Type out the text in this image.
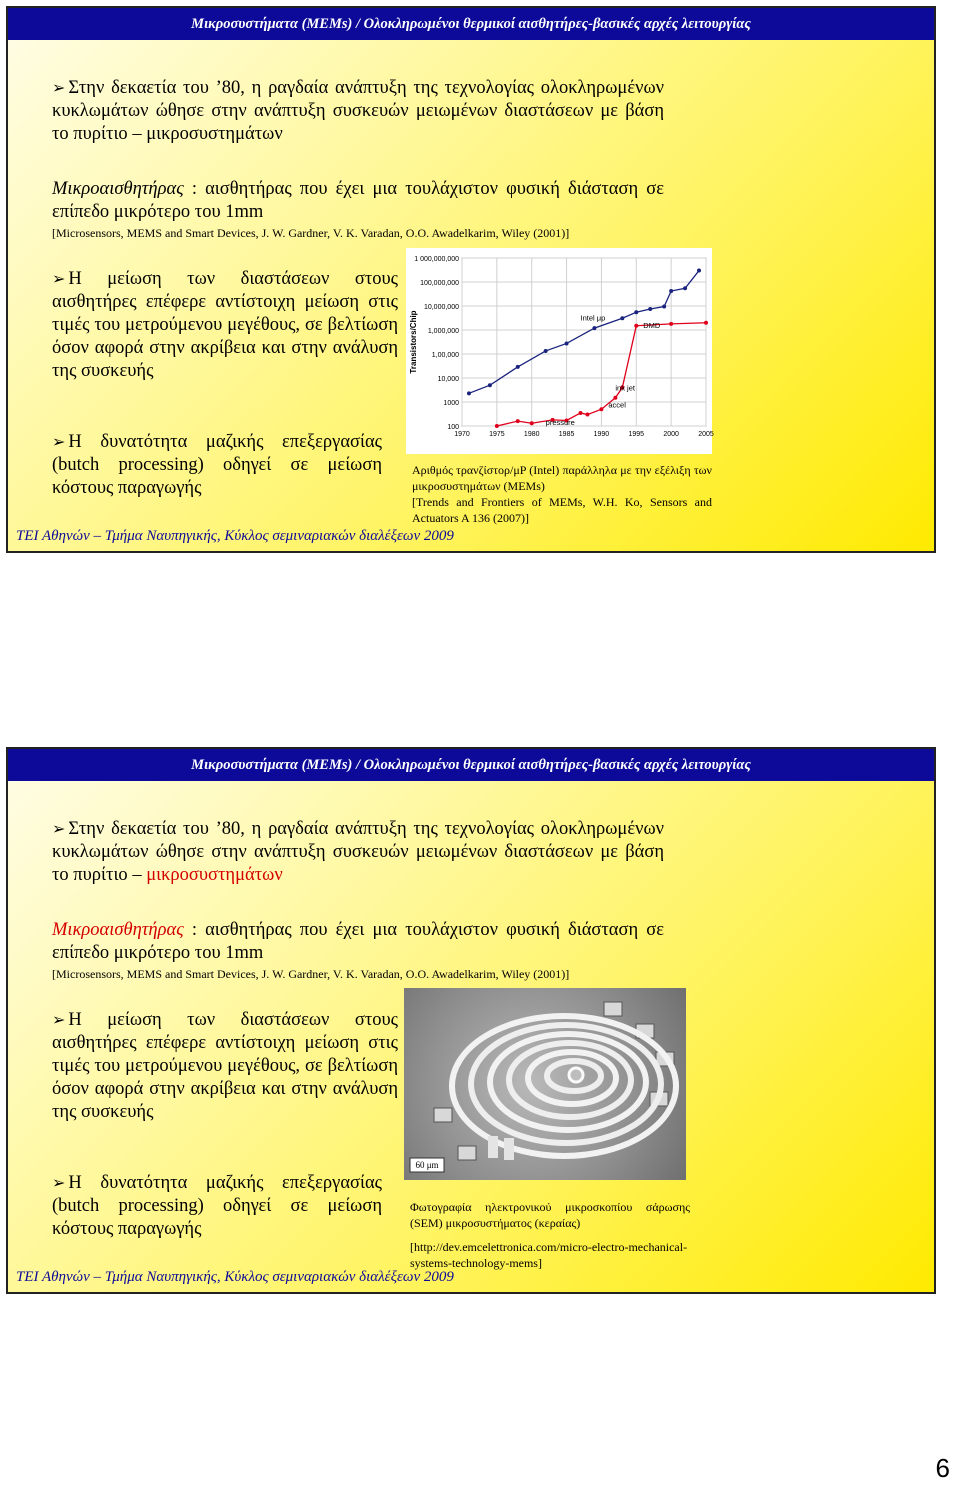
Μικροσυστήματα (MEMs) / Ολοκληρωμένοι θερμικοί αισθητήρες-βασικές αρχές λειτουργίας
➢ Στην δεκαετία του ’80, η ραγδαία ανάπτυξη της τεχνολογίας ολοκληρωμένων κυκλωμάτων ώθησε στην ανάπτυξη συσκευών μειωμένων διαστάσεων με βάση το πυρίτιο – μικροσυστημάτων
Μικροαισθητήρας : αισθητήρας που έχει μια τουλάχιστον φυσική διάσταση σε επίπεδο μικρότερο του 1mm
[Microsensors, MEMS and Smart Devices, J. W. Gardner, V. K. Varadan, O.O. Awadelkarim, Wiley (2001)]
➢ Η μείωση των διαστάσεων στους αισθητήρες επέφερε αντίστοιχη μείωση στις τιμές του μετρούμενου μεγέθους, σε βελτίωση όσον αφορά στην ακρίβεια και στην ανάλυση της συσκευής
➢ Η δυνατότητα μαζικής επεξεργασίας (butch processing) οδηγεί σε μείωση κόστους παραγωγής
Αριθμός τρανζίστορ/μP (Intel) παράλληλα με την εξέλιξη των μικροσυστημάτων (MEMs)
[Trends and Frontiers of MEMs, W.H. Ko, Sensors and Actuators A 136 (2007)]
ΤΕΙ Αθηνών – Τμήμα Ναυπηγικής, Κύκλος σεμιναριακών διαλέξεων 2009
100
1000
10,000
1,00,000
1,000,000
10,000,000
100,000,000
1 000,000,000
1970	1975	1980	1985	1990	1995	2000	2005
Transistors/Chip	Intel μp
DMD
ink jet
accel
pressure
Μικροσυστήματα (MEMs) / Ολοκληρωμένοι θερμικοί αισθητήρες-βασικές αρχές λειτουργίας
➢ Στην δεκαετία του ’80, η ραγδαία ανάπτυξη της τεχνολογίας ολοκληρωμένων κυκλωμάτων ώθησε στην ανάπτυξη συσκευών μειωμένων διαστάσεων με βάση το πυρίτιο – μικροσυστημάτων
Μικροαισθητήρας : αισθητήρας που έχει μια τουλάχιστον φυσική διάσταση σε επίπεδο μικρότερο του 1mm
[Microsensors, MEMS and Smart Devices, J. W. Gardner, V. K. Varadan, O.O. Awadelkarim, Wiley (2001)]
➢ Η μείωση των διαστάσεων στους αισθητήρες επέφερε αντίστοιχη μείωση στις τιμές του μετρούμενου μεγέθους, σε βελτίωση όσον αφορά στην ακρίβεια και στην ανάλυση της συσκευής
➢ Η δυνατότητα μαζικής επεξεργασίας (butch processing) οδηγεί σε μείωση κόστους παραγωγής
Φωτογραφία ηλεκτρονικού μικροσκοπίου σάρωσης (SEM) μικροσυστήματος (κεραίας)
[http://dev.emcelettronica.com/micro-electro-mechanical-systems-technology-mems]
ΤΕΙ Αθηνών – Τμήμα Ναυπηγικής, Κύκλος σεμιναριακών διαλέξεων 2009
60 μm
6
